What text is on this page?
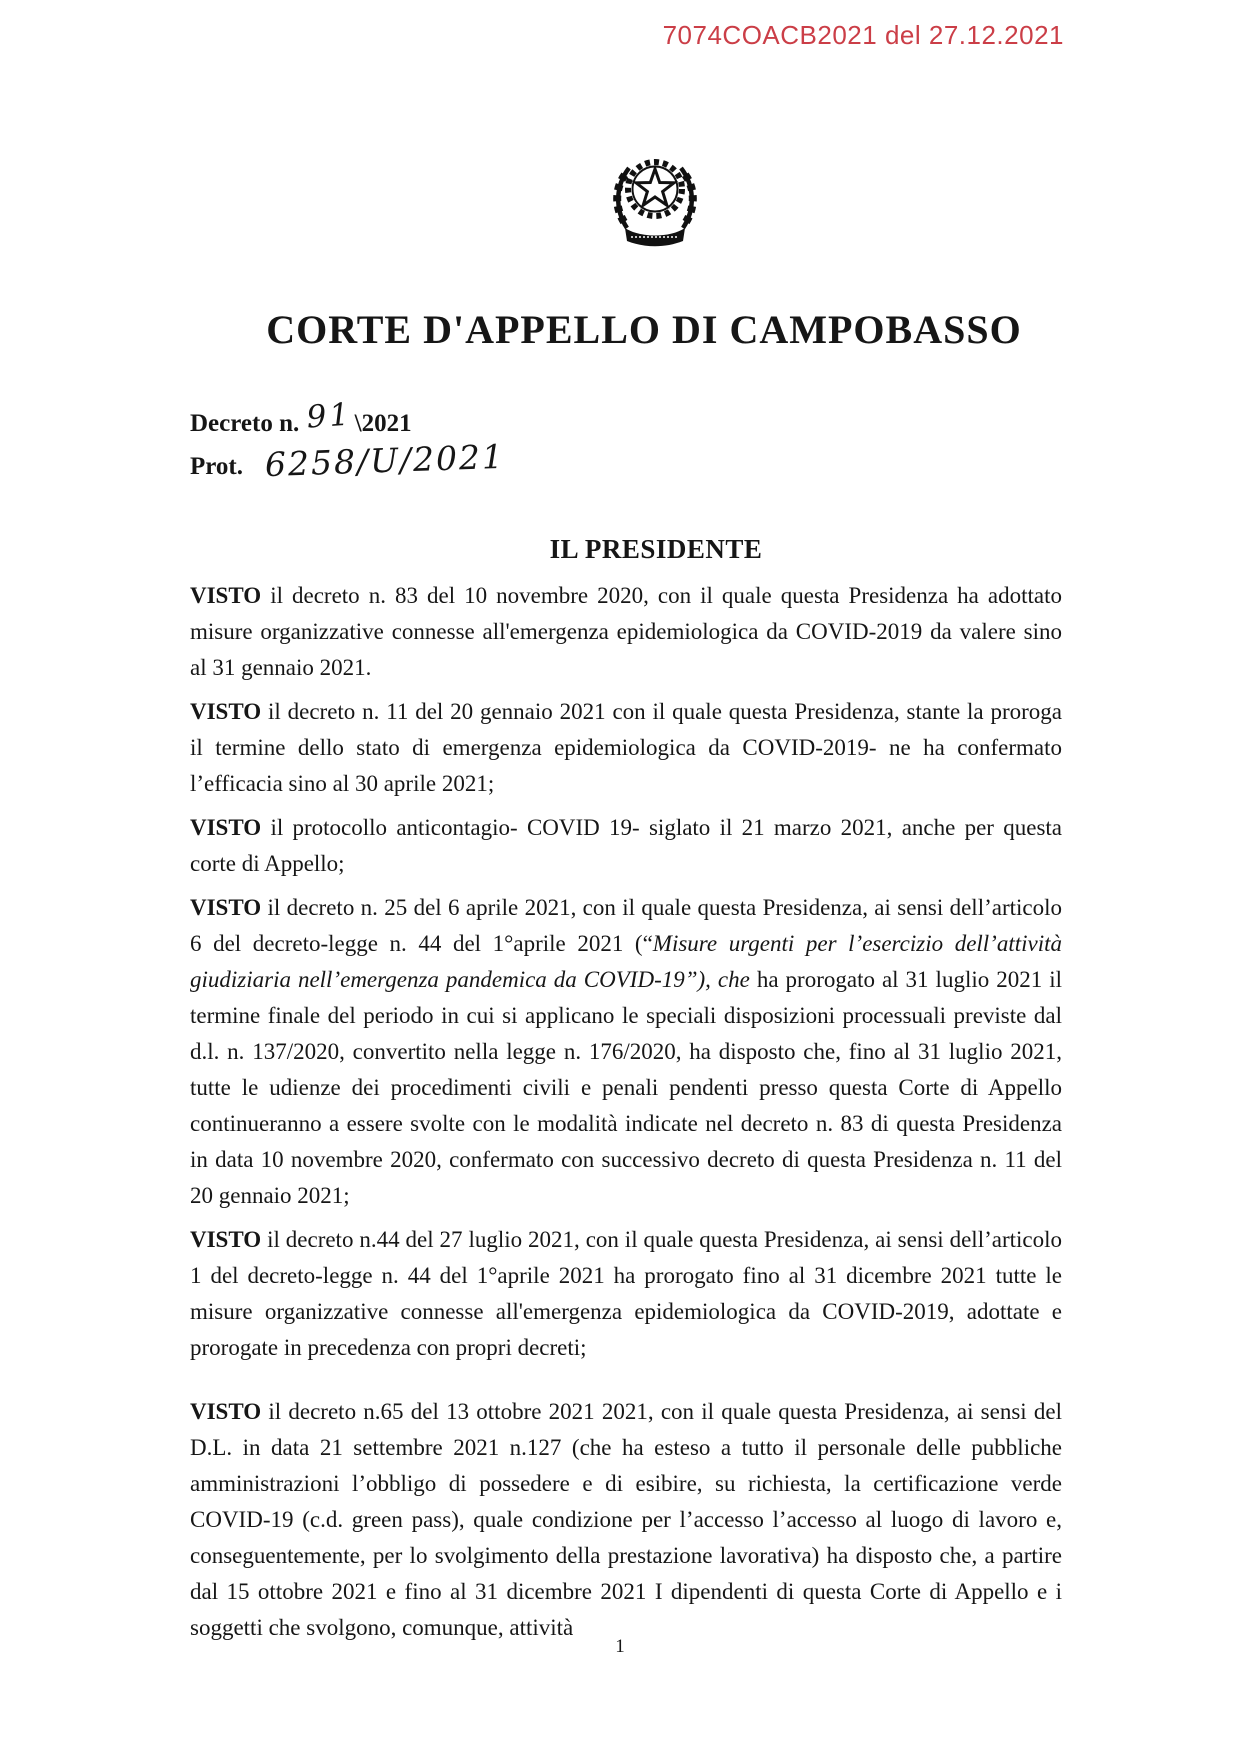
7074COACB2021 del 27.12.2021
CORTE D'APPELLO DI CAMPOBASSO
Decreto n. 91\2021
Prot. 6258/U/2021
IL PRESIDENTE

VISTO il decreto n. 83 del 10 novembre 2020, con il quale questa Presidenza ha adottato misure organizzative connesse all'emergenza epidemiologica da COVID-2019 da valere sino al 31 gennaio 2021.

VISTO il decreto n. 11 del 20 gennaio 2021 con il quale questa Presidenza, stante la proroga il termine dello stato di emergenza epidemiologica da COVID-2019- ne ha confermato l’efficacia sino al 30 aprile 2021;

VISTO il protocollo anticontagio- COVID 19- siglato il 21 marzo 2021, anche per questa corte di Appello;

VISTO il decreto n. 25 del 6 aprile 2021, con il quale questa Presidenza, ai sensi dell’articolo 6 del decreto-legge n. 44 del 1°aprile 2021 (“Misure urgenti per l’esercizio dell’attività giudiziaria nell’emergenza pandemica da COVID-19”), che ha prorogato al 31 luglio 2021 il termine finale del periodo in cui si applicano le speciali disposizioni processuali previste dal d.l. n. 137/2020, convertito nella legge n. 176/2020, ha disposto che, fino al 31 luglio 2021, tutte le udienze dei procedimenti civili e penali pendenti presso questa Corte di Appello continueranno a essere svolte con le modalità indicate nel decreto n. 83 di questa Presidenza in data 10 novembre 2020, confermato con successivo decreto di questa Presidenza n. 11 del 20 gennaio 2021;

VISTO il decreto n.44 del 27 luglio 2021, con il quale questa Presidenza, ai sensi dell’articolo 1 del decreto-legge n. 44 del 1°aprile 2021 ha prorogato fino al 31 dicembre 2021 tutte le misure organizzative connesse all'emergenza epidemiologica da COVID-2019, adottate e prorogate in precedenza con propri decreti;

VISTO il decreto n.65 del 13 ottobre 2021 2021, con il quale questa Presidenza, ai sensi del D.L. in data 21 settembre 2021 n.127 (che ha esteso a tutto il personale delle pubbliche amministrazioni l’obbligo di possedere e di esibire, su richiesta, la certificazione verde COVID-19 (c.d. green pass), quale condizione per l’accesso l’accesso al luogo di lavoro e, conseguentemente, per lo svolgimento della prestazione lavorativa) ha disposto che, a partire dal 15 ottobre 2021 e fino al 31 dicembre 2021 I dipendenti di questa Corte di Appello e i soggetti che svolgono, comunque, attività

1
